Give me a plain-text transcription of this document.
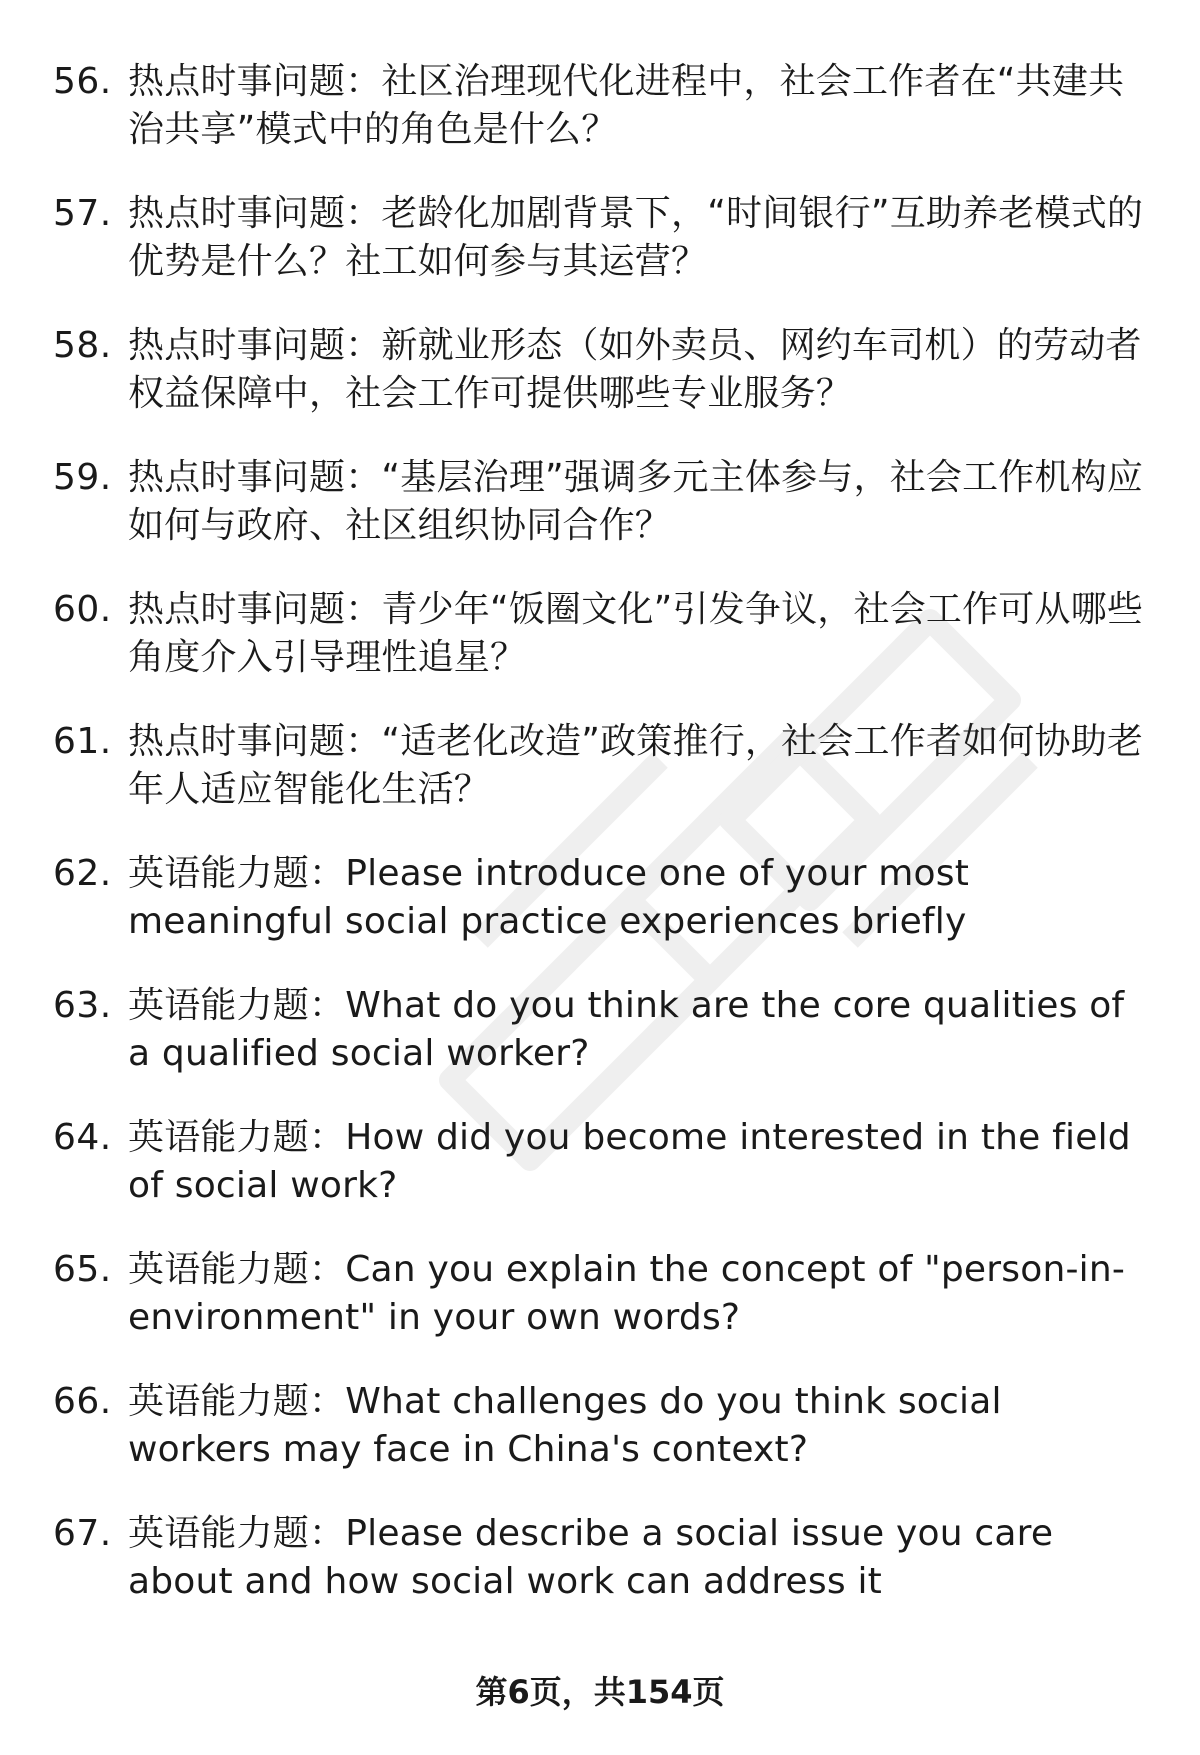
56. 热点时事问题：社区治理现代化进程中，社会工作者在“共建共治共享”模式中的角色是什么？
57. 热点时事问题：老龄化加剧背景下，“时间银行”互助养老模式的优势是什么？社工如何参与其运营？
58. 热点时事问题：新就业形态（如外卖员、网约车司机）的劳动者权益保障中，社会工作可提供哪些专业服务？
59. 热点时事问题：“基层治理”强调多元主体参与，社会工作机构应如何与政府、社区组织协同合作？
60. 热点时事问题：青少年“饭圈文化”引发争议，社会工作可从哪些角度介入引导理性追星？
61. 热点时事问题：“适老化改造”政策推行，社会工作者如何协助老年人适应智能化生活？
62. 英语能力题：Please introduce one of your most meaningful social practice experiences briefly
63. 英语能力题：What do you think are the core qualities of a qualified social worker?
64. 英语能力题：How did you become interested in the field of social work?
65. 英语能力题：Can you explain the concept of "person-in-environment" in your own words?
66. 英语能力题：What challenges do you think social workers may face in China's context?
67. 英语能力题：Please describe a social issue you care about and how social work can address it
第6页，共154页
